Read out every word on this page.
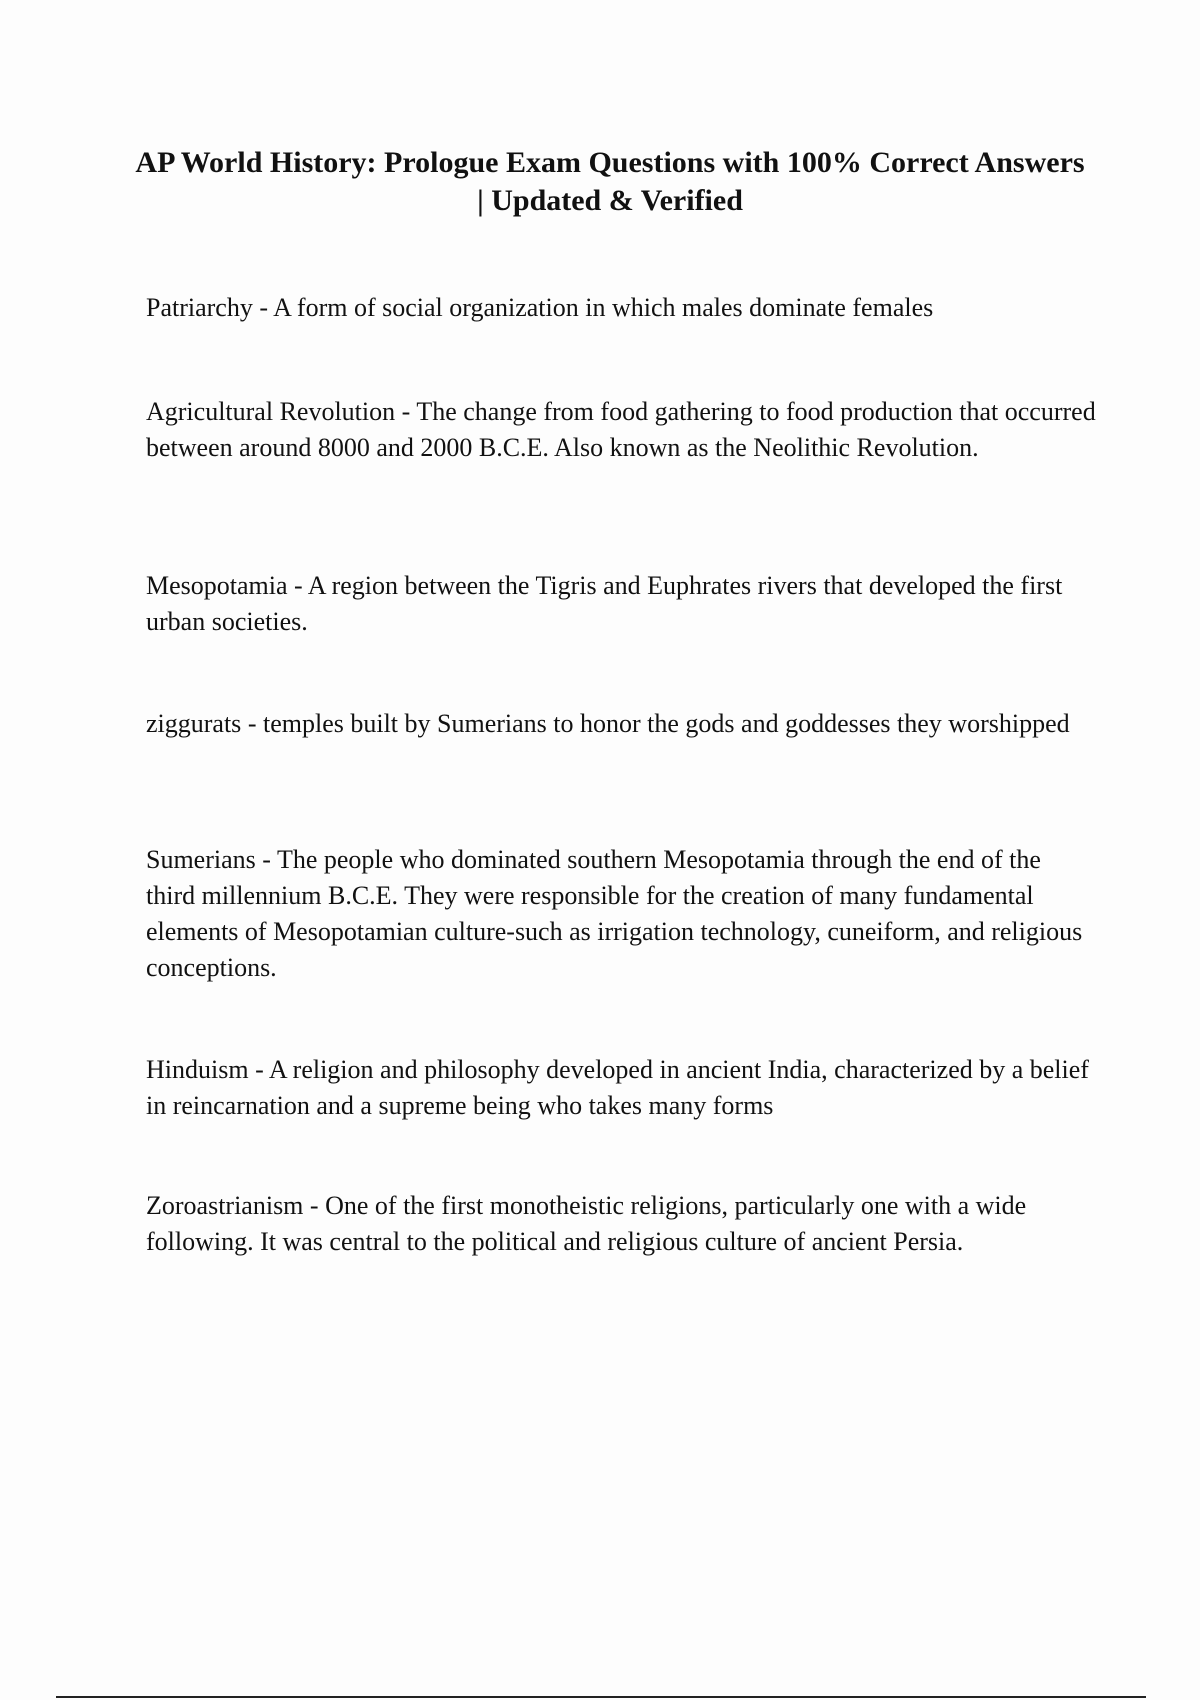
AP World History: Prologue Exam Questions with 100% Correct Answers | Updated & Verified

Patriarchy - A form of social organization in which males dominate females

Agricultural Revolution - The change from food gathering to food production that occurred between around 8000 and 2000 B.C.E. Also known as the Neolithic Revolution.

Mesopotamia - A region between the Tigris and Euphrates rivers that developed the first urban societies.

ziggurats - temples built by Sumerians to honor the gods and goddesses they worshipped

Sumerians - The people who dominated southern Mesopotamia through the end of the third millennium B.C.E. They were responsible for the creation of many fundamental elements of Mesopotamian culture-such as irrigation technology, cuneiform, and religious conceptions.

Hinduism - A religion and philosophy developed in ancient India, characterized by a belief in reincarnation and a supreme being who takes many forms

Zoroastrianism - One of the first monotheistic religions, particularly one with a wide following. It was central to the political and religious culture of ancient Persia.
